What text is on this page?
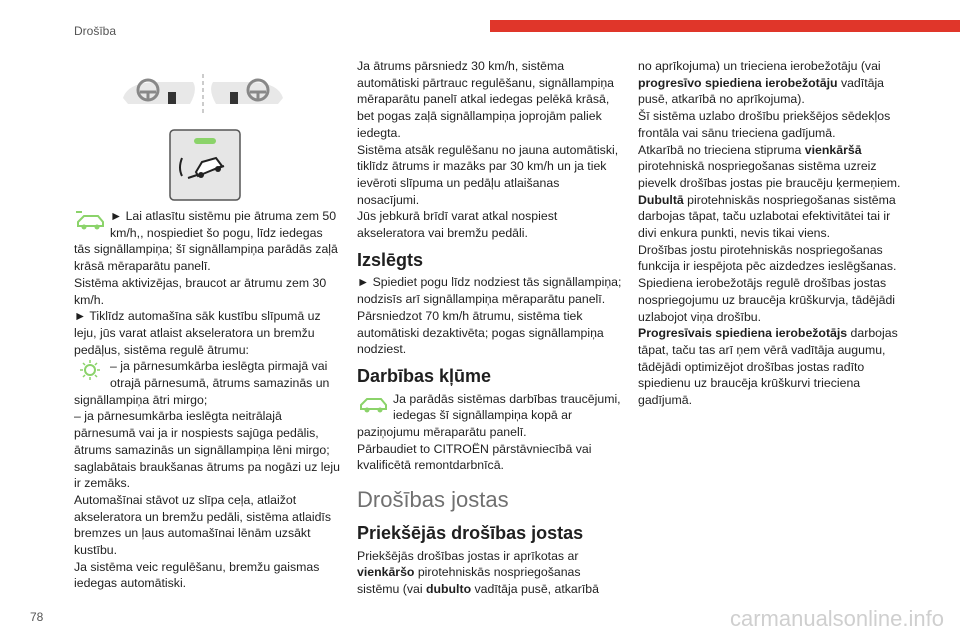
Drošība

► Lai atlasītu sistēmu pie ātruma zem 50 km/h,, nospiediet šo pogu, līdz iedegas tās signāllampiņa; šī signāllampiņa parādās zaļā krāsā mēraparātu panelī.

Sistēma aktivizējas, braucot ar ātrumu zem 30 km/h.

► Tiklīdz automašīna sāk kustību slīpumā uz leju, jūs varat atlaist akseleratora un bremžu pedāļus, sistēma regulē ātrumu:

– ja pārnesumkārba ieslēgta pirmajā vai otrajā pārnesumā, ātrums samazinās un signāllampiņa ātri mirgo;

– ja pārnesumkārba ieslēgta neitrālajā pārnesumā vai ja ir nospiests sajūga pedālis, ātrums samazinās un signāllampiņa lēni mirgo; saglabātais braukšanas ātrums pa nogāzi uz leju ir zemāks.

Automašīnai stāvot uz slīpa ceļa, atlaižot akseleratora un bremžu pedāli, sistēma atlaidīs bremzes un ļaus automašīnai lēnām uzsākt kustību.

Ja sistēma veic regulēšanu, bremžu gaismas iedegas automātiski.

Ja ātrums pārsniedz 30 km/h, sistēma automātiski pārtrauc regulēšanu, signāllampiņa mēraparātu panelī atkal iedegas pelēkā krāsā, bet pogas zaļā signāllampiņa joprojām paliek iedegta.

Sistēma atsāk regulēšanu no jauna automātiski, tiklīdz ātrums ir mazāks par 30 km/h un ja tiek ievēroti slīpuma un pedāļu atlaišanas nosacījumi.

Jūs jebkurā brīdī varat atkal nospiest akseleratora vai bremžu pedāli.

Izslēgts

► Spiediet pogu līdz nodziest tās signāllampiņa; nodzisīs arī signāllampiņa mēraparātu panelī.

Pārsniedzot 70 km/h ātrumu, sistēma tiek automātiski dezaktivēta; pogas signāllampiņa nodziest.

Darbības kļūme

Ja parādās sistēmas darbības traucējumi, iedegas šī signāllampiņa kopā ar paziņojumu mēraparātu panelī.

Pārbaudiet to CITROËN pārstāvniecībā vai kvalificētā remontdarbnīcā.

Drošības jostas
Priekšējās drošības jostas

Priekšējās drošības jostas ir aprīkotas ar vienkāršo pirotehniskās nospriegošanas sistēmu (vai dubulto vadītāja pusē, atkarībā

no aprīkojuma) un trieciena ierobežotāju (vai progresīvo spiediena ierobežotāju vadītāja pusē, atkarībā no aprīkojuma).

Šī sistēma uzlabo drošību priekšējos sēdekļos frontāla vai sānu trieciena gadījumā.

Atkarībā no trieciena stipruma vienkāršā pirotehniskā nospriegošanas sistēma uzreiz pievelk drošības jostas pie braucēju ķermeņiem.

Dubultā pirotehniskās nospriegošanas sistēma darbojas tāpat, taču uzlabotai efektivitātei tai ir divi enkura punkti, nevis tikai viens.

Drošības jostu pirotehniskās nospriegošanas funkcija ir iespējota pēc aizdedzes ieslēgšanas.

Spiediena ierobežotājs regulē drošības jostas nospriegojumu uz braucēja krūškurvja, tādējādi uzlabojot viņa drošību.

Progresīvais spiediena ierobežotājs darbojas tāpat, taču tas arī ņem vērā vadītāja augumu, tādējādi optimizējot drošības jostas radīto spiedienu uz braucēja krūškurvi trieciena gadījumā.

78	carmanualsonline.info
